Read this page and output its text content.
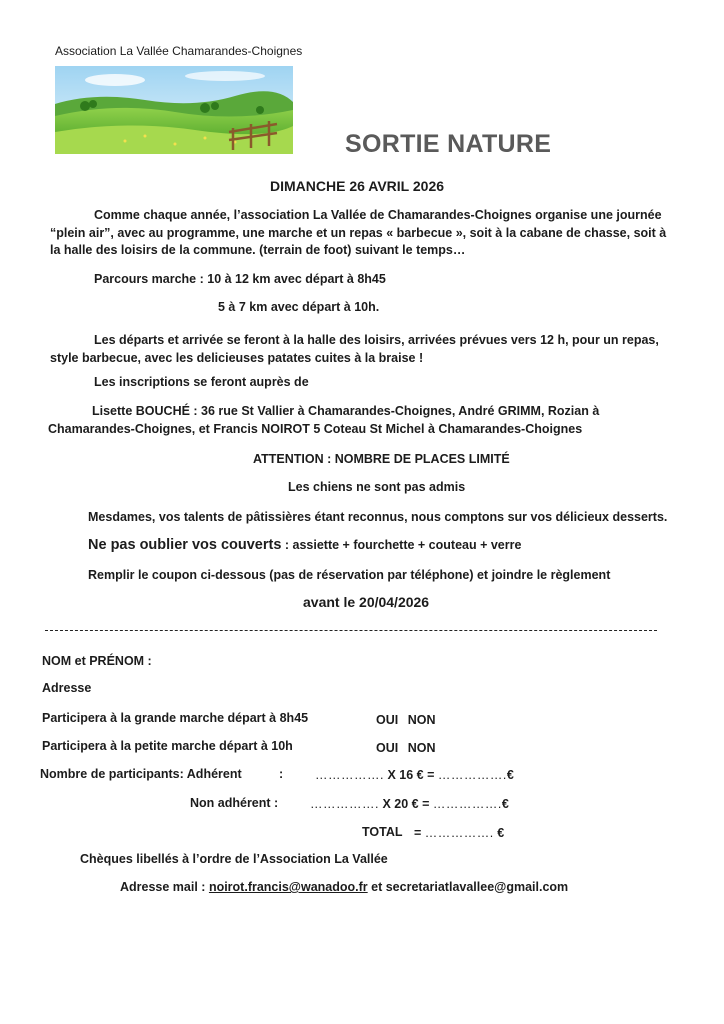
Association La Vallée Chamarandes-Choignes
SORTIE NATURE
DIMANCHE 26 AVRIL 2026
Comme chaque année, l’association La Vallée de Chamarandes-Choignes organise une journée “plein air”, avec au programme, une marche et un repas « barbecue », soit à la cabane de chasse, soit à la halle des loisirs de la commune. (terrain de foot) suivant le temps…
Parcours marche : 10 à 12 km avec départ à 8h45
5 à 7 km avec départ à 10h.
Les départs et arrivée se feront à la halle des loisirs, arrivées prévues vers 12 h, pour un repas, style barbecue, avec les delicieuses patates cuites à la braise !
Les inscriptions se feront auprès de
Lisette BOUCHÉ : 36 rue St Vallier à Chamarandes-Choignes, André GRIMM, Rozian à Chamarandes-Choignes, et Francis NOIROT 5 Coteau St Michel à Chamarandes-Choignes
ATTENTION : NOMBRE DE PLACES LIMITÉ
Les chiens ne sont pas admis
Mesdames, vos talents de pâtissières étant reconnus, nous comptons sur vos délicieux desserts.
Ne pas oublier vos couverts : assiette + fourchette + couteau + verre
Remplir le coupon ci-dessous (pas de réservation par téléphone) et joindre le règlement
avant le 20/04/2026
NOM et PRÉNOM :
Adresse
Participera à la grande marche départ à 8h45	OUI NON
Participera à la petite marche départ à 10h	OUI NON
Nombre de participants: Adhérent	:	……………. X 16 € = …………….€
Non adhérent :	……………. X 20 € = …………….€
TOTAL = ……………. €
Chèques libellés à l’ordre de l’Association La Vallée
Adresse mail : noirot.francis@wanadoo.fr et secretariatlavallee@gmail.com
